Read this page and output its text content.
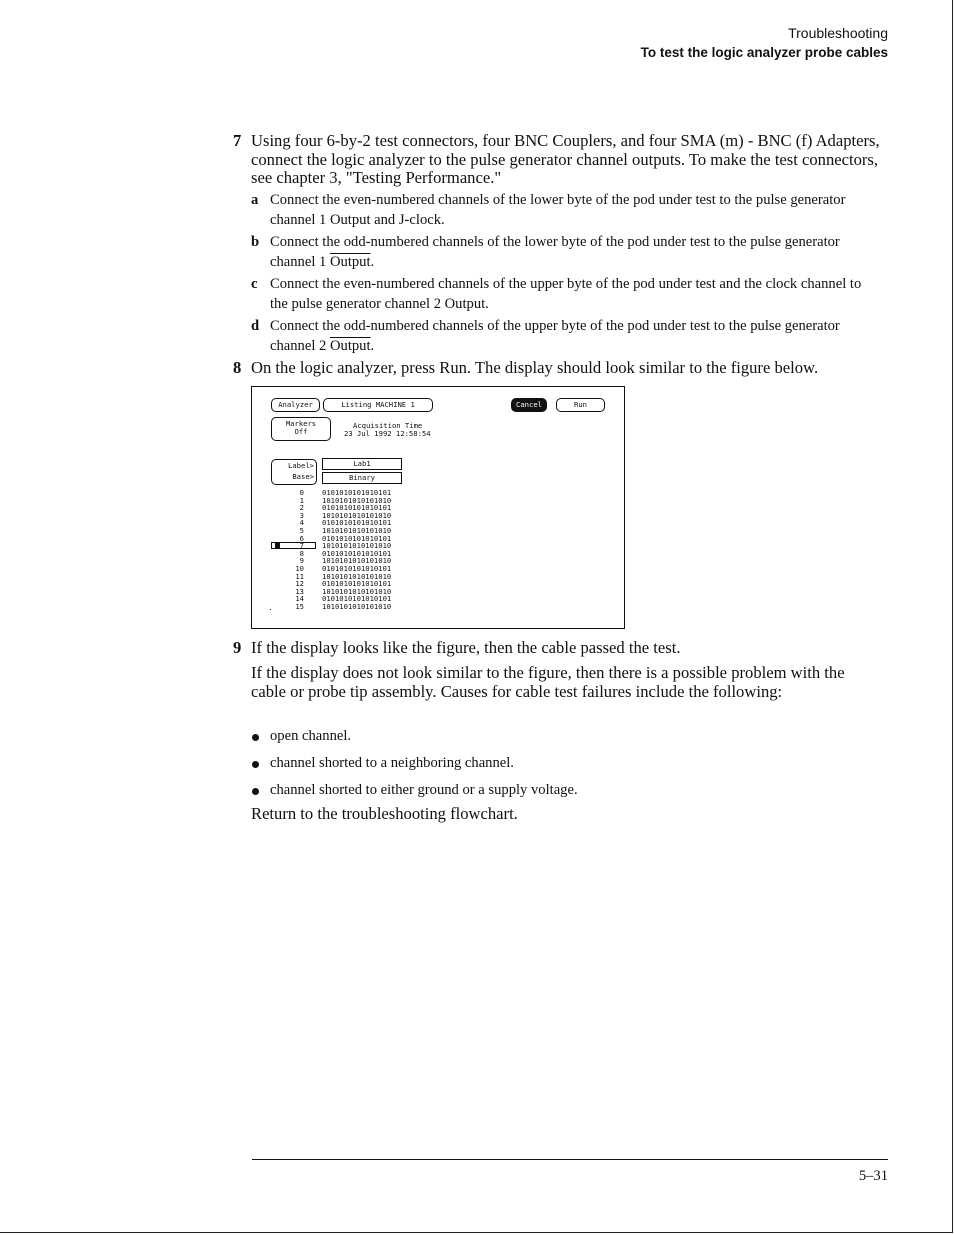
Troubleshooting
To test the logic analyzer probe cables
7 Using four 6-by-2 test connectors, four BNC Couplers, and four SMA (m) - BNC (f) Adapters, connect the logic analyzer to the pulse generator channel outputs. To make the test connectors, see chapter 3, "Testing Performance."
a Connect the even-numbered channels of the lower byte of the pod under test to the pulse generator channel 1 Output and J-clock.
b Connect the odd-numbered channels of the lower byte of the pod under test to the pulse generator channel 1 Output.
c Connect the even-numbered channels of the upper byte of the pod under test and the clock channel to the pulse generator channel 2 Output.
d Connect the odd-numbered channels of the upper byte of the pod under test to the pulse generator channel 2 Output.
8 On the logic analyzer, press Run. The display should look similar to the figure below.
Analyzer	Listing MACHINE 1	Cancel	Run
Markers
Off
Acquisition Time
23 Jul 1992 12:58:54
Label>
Base>
Lab1
Binary
0	0101010101010101
1	1010101010101010
2	0101010101010101
3	1010101010101010
4	0101010101010101
5	1010101010101010
6	0101010101010101
7	1010101010101010
8	0101010101010101
9	1010101010101010
10	0101010101010101
11	1010101010101010
12	0101010101010101
13	1010101010101010
14	0101010101010101
15	1010101010101010
9 If the display looks like the figure, then the cable passed the test.
If the display does not look similar to the figure, then there is a possible problem with the cable or probe tip assembly. Causes for cable test failures include the following:
open channel.
channel shorted to a neighboring channel.
channel shorted to either ground or a supply voltage.
Return to the troubleshooting flowchart.
5–31
